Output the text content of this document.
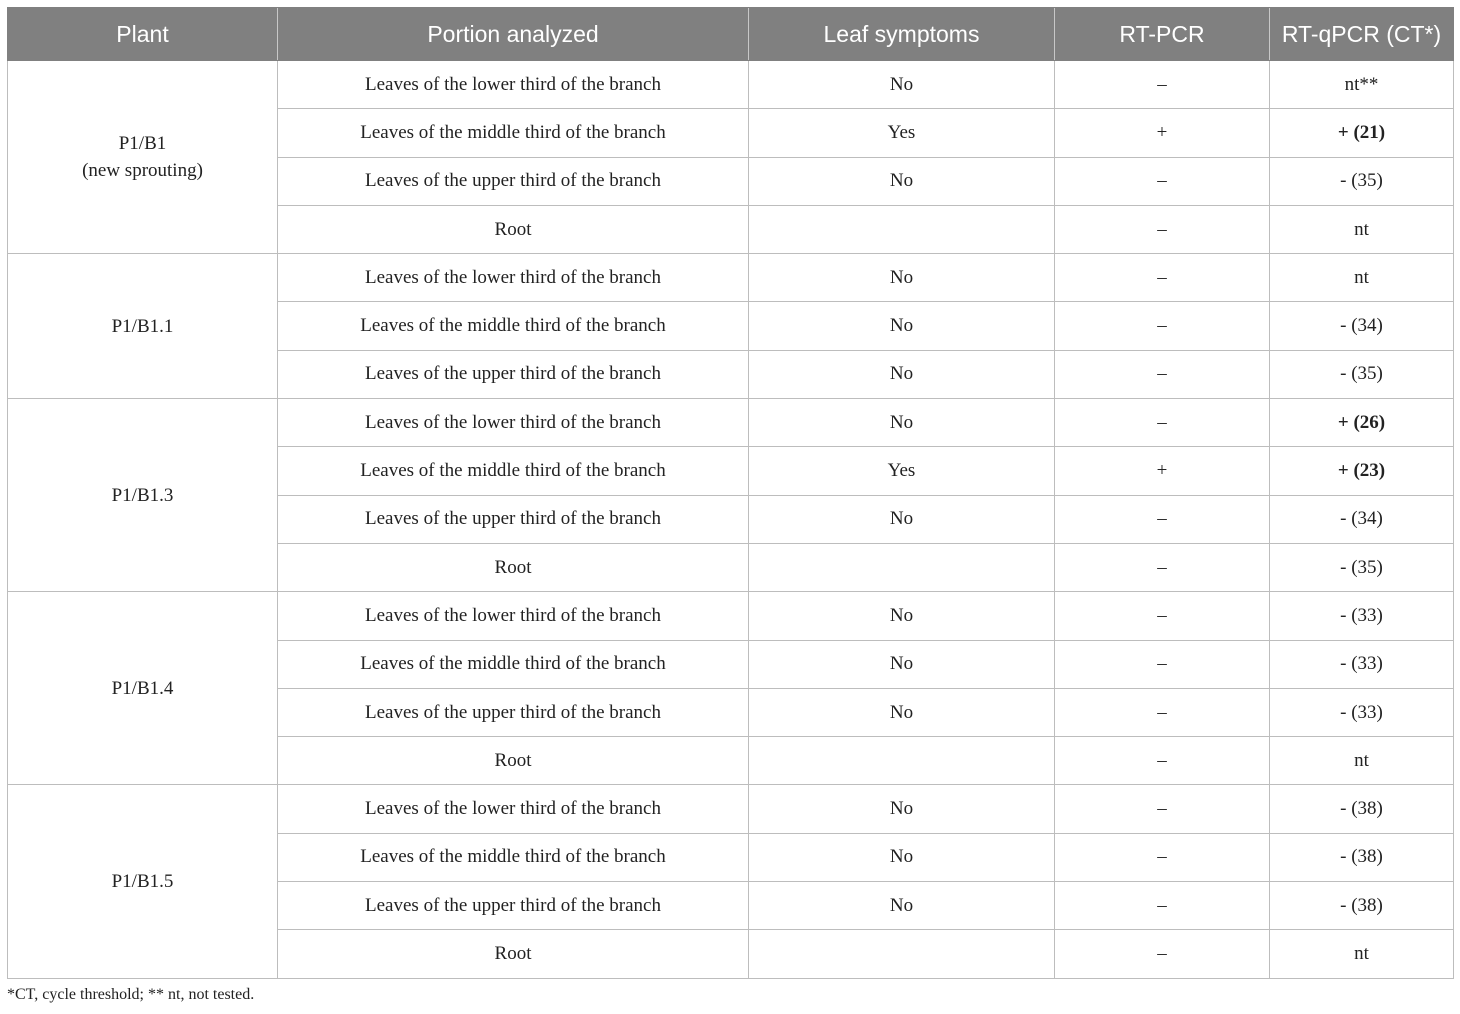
Plant	Portion analyzed	Leaf symptoms	RT-PCR	RT-qPCR (CT*)

P1/B1
(new sprouting)	Leaves of the lower third of the branch	No	–	nt**
	Leaves of the middle third of the branch	Yes	+	+ (21)
	Leaves of the upper third of the branch	No	–	- (35)
	Root		–	nt

P1/B1.1	Leaves of the lower third of the branch	No	–	nt
	Leaves of the middle third of the branch	No	–	- (34)
	Leaves of the upper third of the branch	No	–	- (35)

P1/B1.3	Leaves of the lower third of the branch	No	–	+ (26)
	Leaves of the middle third of the branch	Yes	+	+ (23)
	Leaves of the upper third of the branch	No	–	- (34)
	Root		–	- (35)

P1/B1.4	Leaves of the lower third of the branch	No	–	- (33)
	Leaves of the middle third of the branch	No	–	- (33)
	Leaves of the upper third of the branch	No	–	- (33)
	Root		–	nt

P1/B1.5	Leaves of the lower third of the branch	No	–	- (38)
	Leaves of the middle third of the branch	No	–	- (38)
	Leaves of the upper third of the branch	No	–	- (38)
	Root		–	nt
*CT, cycle threshold; ** nt, not tested.
